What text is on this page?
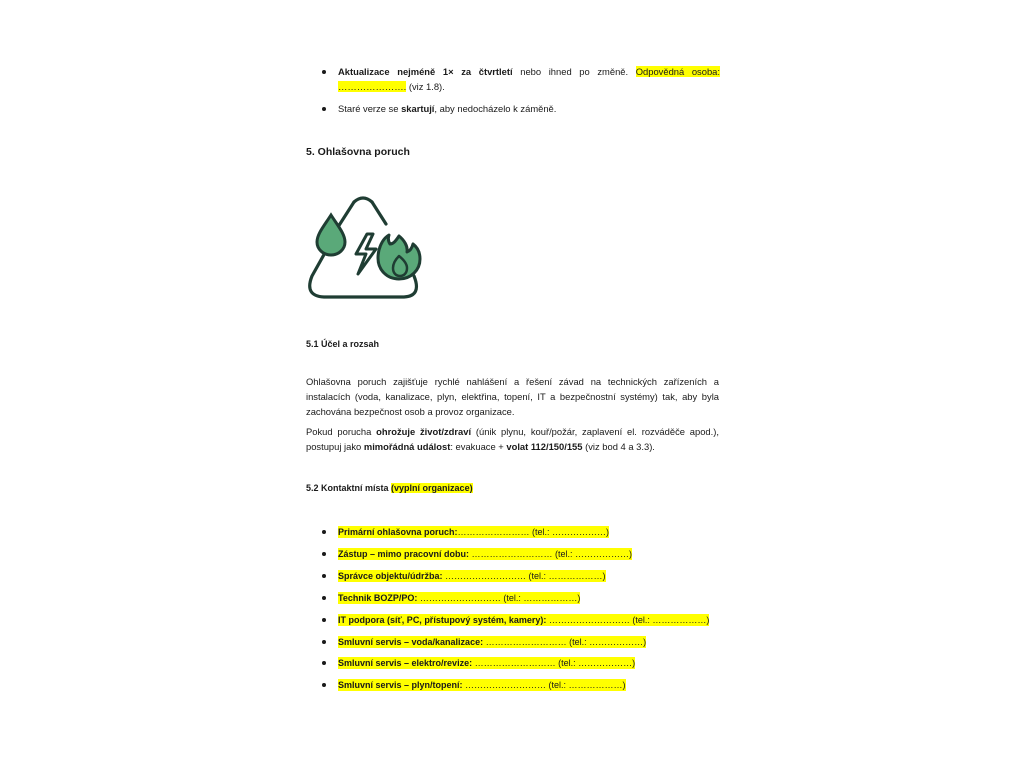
Aktualizace nejméně 1× za čtvrtletí nebo ihned po změně. Odpovědná osoba:
…………………. (viz 1.8).
Staré verze se skartují, aby nedocházelo k záměně.
5. Ohlašovna poruch
5.1 Účel a rozsah
Ohlašovna poruch zajišťuje rychlé nahlášení a řešení závad na technických zařízeních a
instalacích (voda, kanalizace, plyn, elektřina, topení, IT a bezpečnostní systémy) tak, aby byla
zachována bezpečnost osob a provoz organizace.
Pokud porucha ohrožuje život/zdraví (únik plynu, kouř/požár, zaplavení el. rozváděče apod.),
postupuj jako mimořádná událost: evakuace + volat 112/150/155 (viz bod 4 a 3.3).
5.2 Kontaktní místa (vyplní organizace)
Primární ohlašovna poruch:…………………… (tel.: ………………)
Zástup – mimo pracovní dobu: ……………………… (tel.: ………………)
Správce objektu/údržba: ……………………… (tel.: ………………)
Technik BOZP/PO: ……………………… (tel.: ………………)
IT podpora (síť, PC, přístupový systém, kamery): ……………………… (tel.: ………………)
Smluvní servis – voda/kanalizace: ……………………… (tel.: ………………)
Smluvní servis – elektro/revize: ……………………… (tel.: ………………)
Smluvní servis – plyn/topení: ……………………… (tel.: ………………)
